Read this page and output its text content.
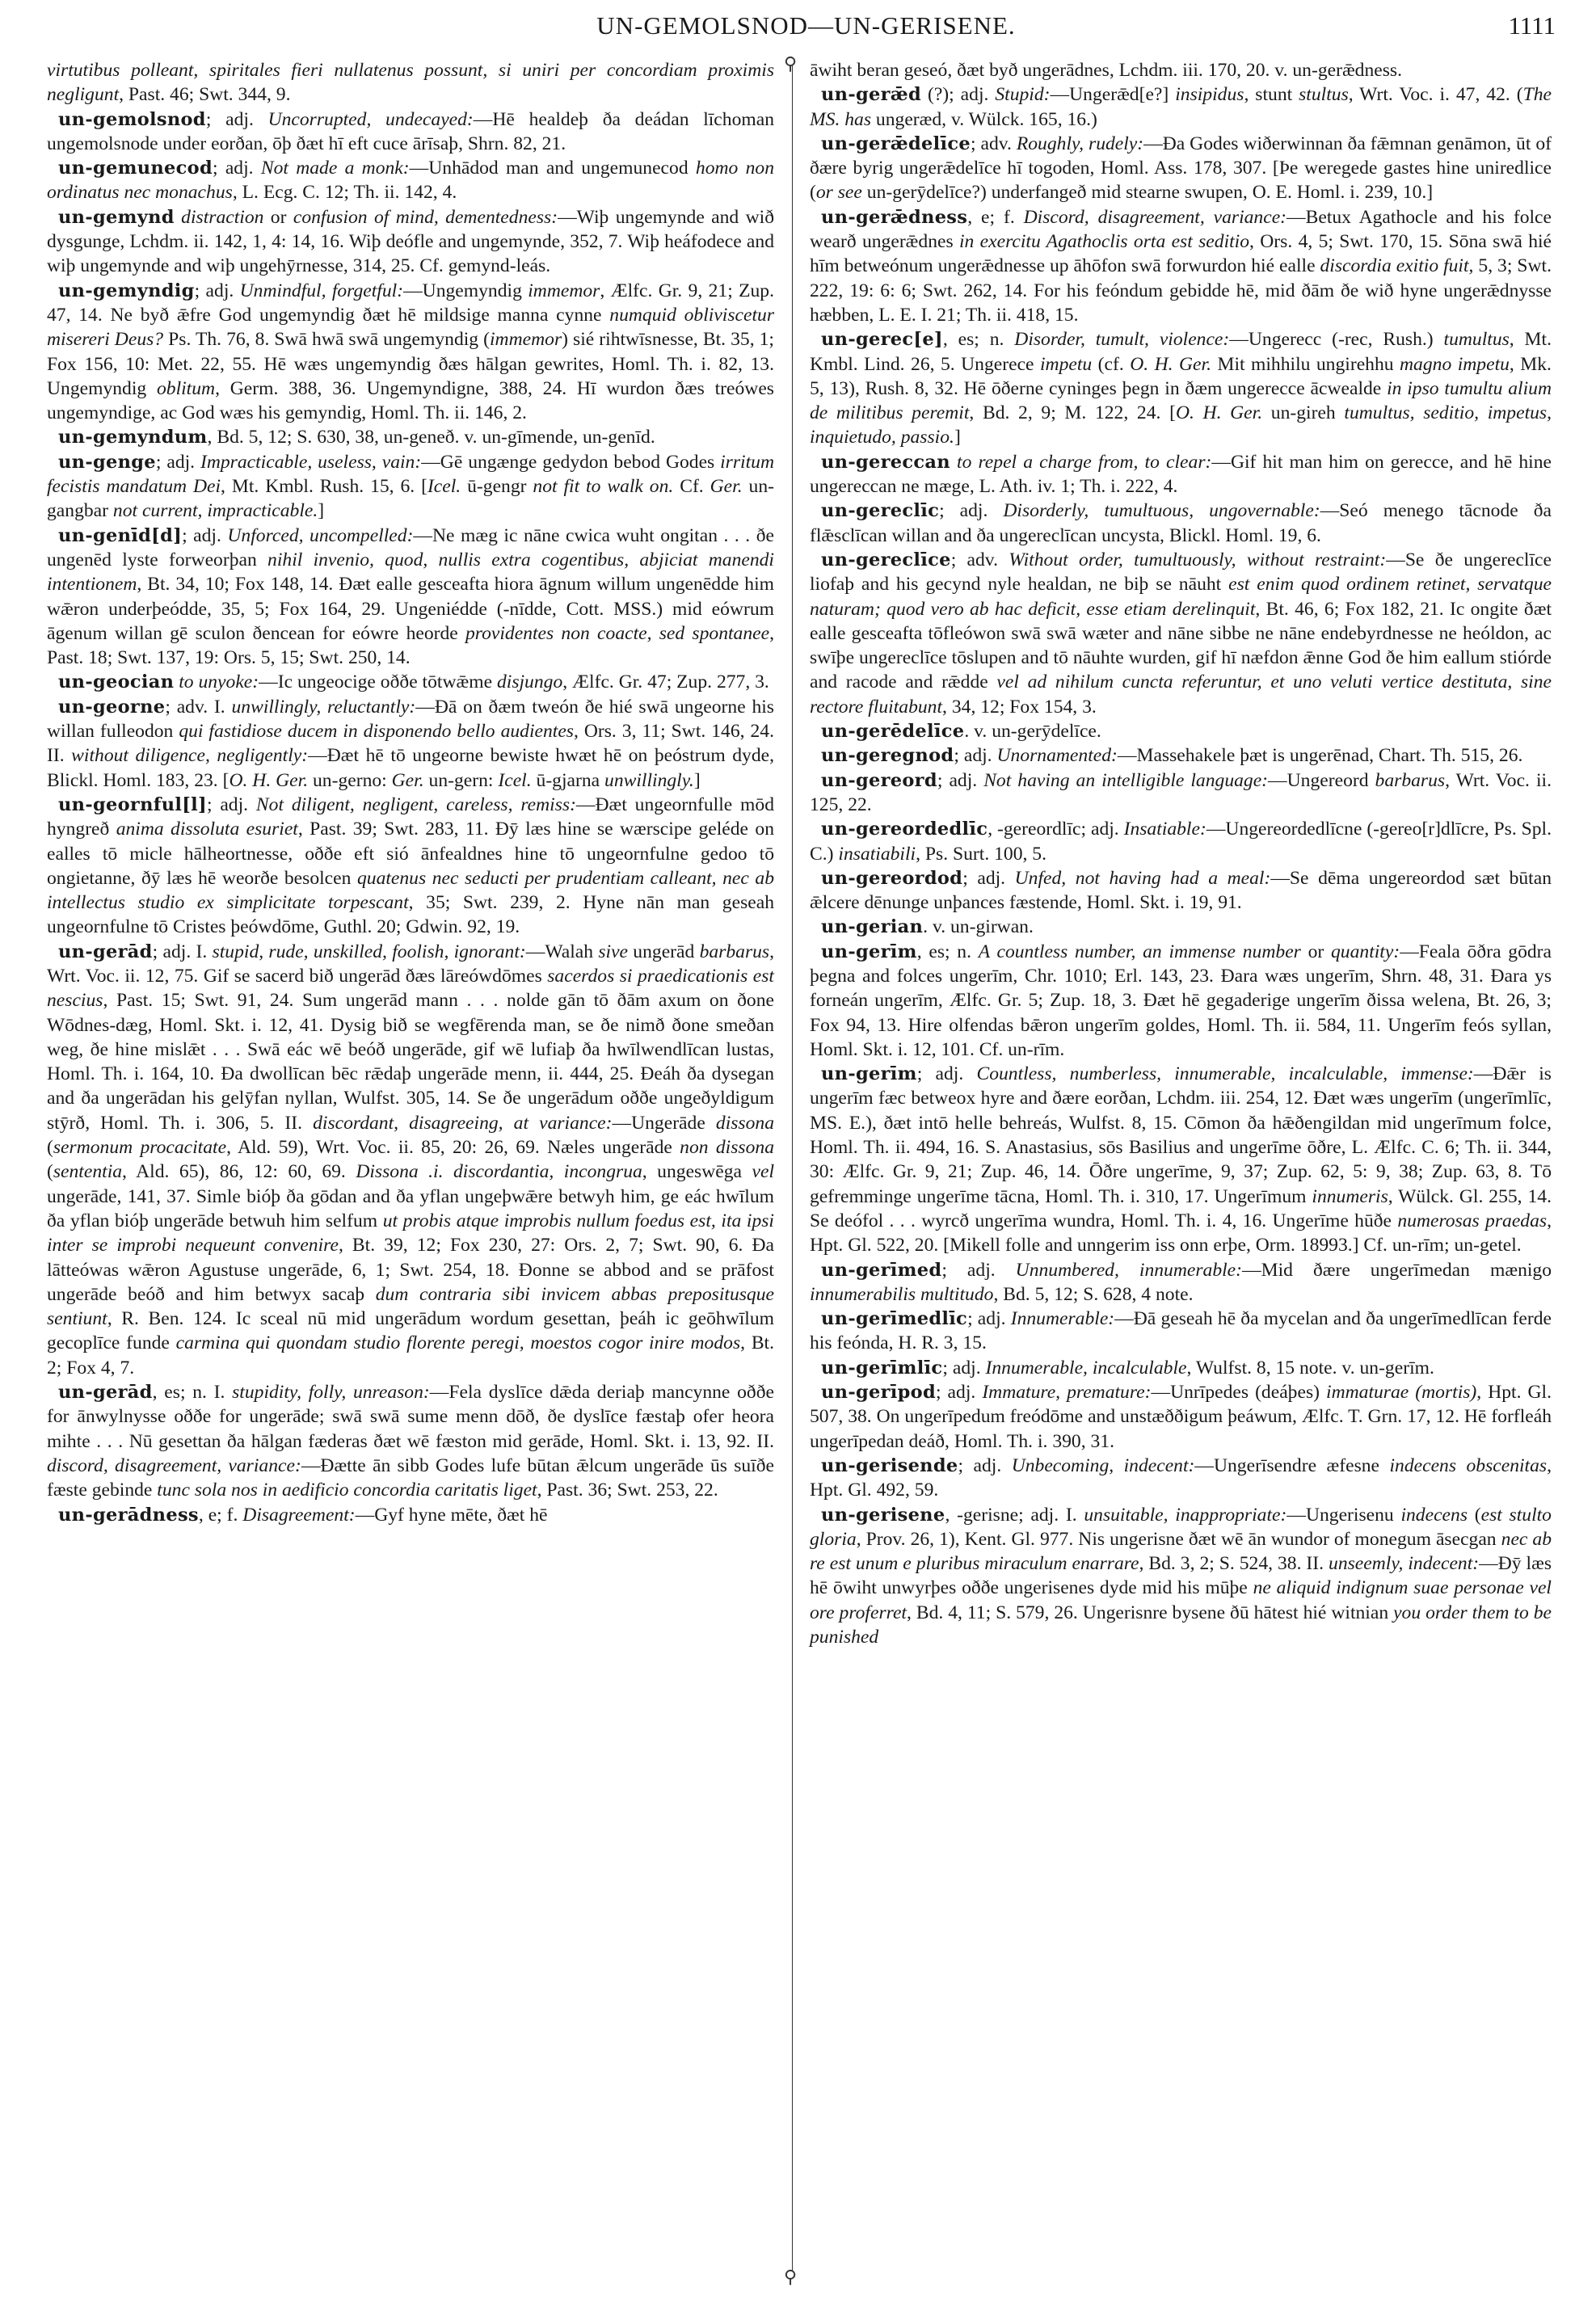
UN-GEMOLSNOD—UN-GERISENE.	1111
⚲
⚲

virtutibus polleant, spiritales fieri nullatenus possunt, si uniri per concordiam proximis negligunt, Past. 46; Swt. 344, 9.

un-gemolsnod; adj. Uncorrupted, undecayed:—Hē healdeþ ða deádan līchoman ungemolsnode under eorðan, ōþ ðæt hī eft cuce ārīsaþ, Shrn. 82, 21.

un-gemunecod; adj. Not made a monk:—Unhādod man and ungemunecod homo non ordinatus nec monachus, L. Ecg. C. 12; Th. ii. 142, 4.

un-gemynd distraction or confusion of mind, dementedness:—Wiþ ungemynde and wið dysgunge, Lchdm. ii. 142, 1, 4: 14, 16. Wiþ deófle and ungemynde, 352, 7. Wiþ heáfodece and wiþ ungemynde and wiþ ungehȳrnesse, 314, 25. Cf. gemynd-leás.

un-gemyndig; adj. Unmindful, forgetful:—Ungemyndig immemor, Ælfc. Gr. 9, 21; Zup. 47, 14. Ne byð ǣfre God ungemyndig ðæt hē mildsige manna cynne numquid obliviscetur misereri Deus? Ps. Th. 76, 8. Swā hwā swā ungemyndig (immemor) sié rihtwīsnesse, Bt. 35, 1; Fox 156, 10: Met. 22, 55. Hē wæs ungemyndig ðæs hālgan gewrites, Homl. Th. i. 82, 13. Ungemyndig oblitum, Germ. 388, 36. Ungemyndigne, 388, 24. Hī wurdon ðæs treówes ungemyndige, ac God wæs his gemyndig, Homl. Th. ii. 146, 2.

un-gemyndum, Bd. 5, 12; S. 630, 38, un-geneð. v. un-gīmende, un-genīd.

un-genge; adj. Impracticable, useless, vain:—Gē ungænge gedydon bebod Godes irritum fecistis mandatum Dei, Mt. Kmbl. Rush. 15, 6. [Icel. ū-gengr not fit to walk on. Cf. Ger. un-gangbar not current, impracticable.]

un-genīd[d]; adj. Unforced, uncompelled:—Ne mæg ic nāne cwica wuht ongitan . . . ðe ungenēd lyste forweorþan nihil invenio, quod, nullis extra cogentibus, abjiciat manendi intentionem, Bt. 34, 10; Fox 148, 14. Ðæt ealle gesceafta hiora āgnum willum ungenēdde him wǣron underþeódde, 35, 5; Fox 164, 29. Ungeniédde (-nīdde, Cott. MSS.) mid eówrum āgenum willan gē sculon ðencean for eówre heorde providentes non coacte, sed spontanee, Past. 18; Swt. 137, 19: Ors. 5, 15; Swt. 250, 14.

un-geocian to unyoke:—Ic ungeocige oððe tōtwǣme disjungo, Ælfc. Gr. 47; Zup. 277, 3.

un-georne; adv. I. unwillingly, reluctantly:—Ðā on ðæm tweón ðe hié swā ungeorne his willan fulleodon qui fastidiose ducem in disponendo bello audientes, Ors. 3, 11; Swt. 146, 24. II. without diligence, negligently:—Ðæt hē tō ungeorne bewiste hwæt hē on þeóstrum dyde, Blickl. Homl. 183, 23. [O. H. Ger. un-gerno: Ger. un-gern: Icel. ū-gjarna unwillingly.]

un-geornful[l]; adj. Not diligent, negligent, careless, remiss:—Ðæt ungeornfulle mōd hyngreð anima dissoluta esuriet, Past. 39; Swt. 283, 11. Ðȳ læs hine se wærscipe geléde on ealles tō micle hālheortnesse, oððe eft sió ānfealdnes hine tō ungeornfulne gedoo tō ongietanne, ðȳ læs hē weorðe besolcen quatenus nec seducti per prudentiam calleant, nec ab intellectus studio ex simplicitate torpescant, 35; Swt. 239, 2. Hyne nān man geseah ungeornfulne tō Cristes þeówdōme, Guthl. 20; Gdwin. 92, 19.

un-gerād; adj. I. stupid, rude, unskilled, foolish, ignorant:—Walah sive ungerād barbarus, Wrt. Voc. ii. 12, 75. Gif se sacerd bið ungerād ðæs lāreówdōmes sacerdos si praedicationis est nescius, Past. 15; Swt. 91, 24. Sum ungerād mann . . . nolde gān tō ðām axum on ðone Wōdnes-dæg, Homl. Skt. i. 12, 41. Dysig bið se wegfērenda man, se ðe nimð ðone smeðan weg, ðe hine mislǣt . . . Swā eác wē beóð ungerāde, gif wē lufiaþ ða hwīlwendlīcan lustas, Homl. Th. i. 164, 10. Ða dwollīcan bēc rǣdaþ ungerāde menn, ii. 444, 25. Ðeáh ða dysegan and ða ungerādan his gelȳfan nyllan, Wulfst. 305, 14. Se ðe ungerādum oððe ungeðyldigum stȳrð, Homl. Th. i. 306, 5. II. discordant, disagreeing, at variance:—Ungerāde dissona (sermonum procacitate, Ald. 59), Wrt. Voc. ii. 85, 20: 26, 69. Næles ungerāde non dissona (sententia, Ald. 65), 86, 12: 60, 69. Dissona .i. discordantia, incongrua, ungeswēga vel ungerāde, 141, 37. Simle bióþ ða gōdan and ða yflan ungeþwǣre betwyh him, ge eác hwīlum ða yflan bióþ ungerāde betwuh him selfum ut probis atque improbis nullum foedus est, ita ipsi inter se improbi nequeunt convenire, Bt. 39, 12; Fox 230, 27: Ors. 2, 7; Swt. 90, 6. Ða lātteówas wǣron Agustuse ungerāde, 6, 1; Swt. 254, 18. Ðonne se abbod and se prāfost ungerāde beóð and him betwyx sacaþ dum contraria sibi invicem abbas prepositusque sentiunt, R. Ben. 124. Ic sceal nū mid ungerādum wordum gesettan, þeáh ic geōhwīlum gecoplīce funde carmina qui quondam studio florente peregi, moestos cogor inire modos, Bt. 2; Fox 4, 7.

un-gerād, es; n. I. stupidity, folly, unreason:—Fela dyslīce dǣda deriaþ mancynne oððe for ānwylnysse oððe for ungerāde; swā swā sume menn dōð, ðe dyslīce fæstaþ ofer heora mihte . . . Nū gesettan ða hālgan fæderas ðæt wē fæston mid gerāde, Homl. Skt. i. 13, 92. II. discord, disagreement, variance:—Ðætte ān sibb Godes lufe būtan ǣlcum ungerāde ūs suīðe fæste gebinde tunc sola nos in aedificio concordia caritatis liget, Past. 36; Swt. 253, 22.

un-gerādness, e; f. Disagreement:—Gyf hyne mēte, ðæt hē

āwiht beran geseó, ðæt byð ungerādnes, Lchdm. iii. 170, 20. v. un-gerǣdness.

un-gerǣd (?); adj. Stupid:—Ungerǣd[e?] insipidus, stunt stultus, Wrt. Voc. i. 47, 42. (The MS. has ungeræd, v. Wülck. 165, 16.)

un-gerǣdelīce; adv. Roughly, rudely:—Ða Godes wiðerwinnan ða fǣmnan genāmon, ūt of ðære byrig ungerǣdelīce hī togoden, Homl. Ass. 178, 307. [Þe weregede gastes hine uniredlice (or see un-gerȳdelīce?) underfangeð mid stearne swupen, O. E. Homl. i. 239, 10.]

un-gerǣdness, e; f. Discord, disagreement, variance:—Betux Agathocle and his folce wearð ungerǣdnes in exercitu Agathoclis orta est seditio, Ors. 4, 5; Swt. 170, 15. Sōna swā hié hīm betweónum ungerǣdnesse up āhōfon swā forwurdon hié ealle discordia exitio fuit, 5, 3; Swt. 222, 19: 6: 6; Swt. 262, 14. For his feóndum gebidde hē, mid ðām ðe wið hyne ungerǣdnysse hæbben, L. E. I. 21; Th. ii. 418, 15.

un-gerec[e], es; n. Disorder, tumult, violence:—Ungerecc (-rec, Rush.) tumultus, Mt. Kmbl. Lind. 26, 5. Ungerece impetu (cf. O. H. Ger. Mit mihhilu ungirehhu magno impetu, Mk. 5, 13), Rush. 8, 32. Hē ōðerne cyninges þegn in ðæm ungerecce ācwealde in ipso tumultu alium de militibus peremit, Bd. 2, 9; M. 122, 24. [O. H. Ger. un-gireh tumultus, seditio, impetus, inquietudo, passio.]

un-gereccan to repel a charge from, to clear:—Gif hit man him on gerecce, and hē hine ungereccan ne mæge, L. Ath. iv. 1; Th. i. 222, 4.

un-gereclīc; adj. Disorderly, tumultuous, ungovernable:—Seó menego tācnode ða flǣsclīcan willan and ða ungereclīcan uncysta, Blickl. Homl. 19, 6.

un-gereclīce; adv. Without order, tumultuously, without restraint:—Se ðe ungereclīce liofaþ and his gecynd nyle healdan, ne biþ se nāuht est enim quod ordinem retinet, servatque naturam; quod vero ab hac deficit, esse etiam derelinquit, Bt. 46, 6; Fox 182, 21. Ic ongite ðæt ealle gesceafta tōfleówon swā swā wæter and nāne sibbe ne nāne endebyrdnesse ne heóldon, ac swīþe ungereclīce tōslupen and tō nāuhte wurden, gif hī næfdon ǣnne God ðe him eallum stiórde and racode and rǣdde vel ad nihilum cuncta referuntur, et uno veluti vertice destituta, sine rectore fluitabunt, 34, 12; Fox 154, 3.

un-gerēdelīce. v. un-gerȳdelīce.

un-geregnod; adj. Unornamented:—Massehakele þæt is ungerēnad, Chart. Th. 515, 26.

un-gereord; adj. Not having an intelligible language:—Ungereord barbarus, Wrt. Voc. ii. 125, 22.

un-gereordedlīc, -gereordlīc; adj. Insatiable:—Ungereordedlīcne (-gereo[r]dlīcre, Ps. Spl. C.) insatiabili, Ps. Surt. 100, 5.

un-gereordod; adj. Unfed, not having had a meal:—Se dēma ungereordod sæt būtan ǣlcere dēnunge unþances fæstende, Homl. Skt. i. 19, 91.

un-gerian. v. un-girwan.

un-gerīm, es; n. A countless number, an immense number or quantity:—Feala ōðra gōdra þegna and folces ungerīm, Chr. 1010; Erl. 143, 23. Ðara wæs ungerīm, Shrn. 48, 31. Ðara ys forneán ungerīm, Ælfc. Gr. 5; Zup. 18, 3. Ðæt hē gegaderige ungerīm ðissa welena, Bt. 26, 3; Fox 94, 13. Hire olfendas bǣron ungerīm goldes, Homl. Th. ii. 584, 11. Ungerīm feós syllan, Homl. Skt. i. 12, 101. Cf. un-rīm.

un-gerīm; adj. Countless, numberless, innumerable, incalculable, immense:—Ðǣr is ungerīm fæc betweox hyre and ðære eorðan, Lchdm. iii. 254, 12. Ðæt wæs ungerīm (ungerīmlīc, MS. E.), ðæt intō helle behreás, Wulfst. 8, 15. Cōmon ða hǣðengildan mid ungerīmum folce, Homl. Th. ii. 494, 16. S. Anastasius, sōs Basilius and ungerīme ōðre, L. Ælfc. C. 6; Th. ii. 344, 30: Ælfc. Gr. 9, 21; Zup. 46, 14. Ōðre ungerīme, 9, 37; Zup. 62, 5: 9, 38; Zup. 63, 8. Tō gefremminge ungerīme tācna, Homl. Th. i. 310, 17. Ungerīmum innumeris, Wülck. Gl. 255, 14. Se deófol . . . wyrcð ungerīma wundra, Homl. Th. i. 4, 16. Ungerīme hūðe numerosas praedas, Hpt. Gl. 522, 20. [Mikell folle and unngerim iss onn erþe, Orm. 18993.] Cf. un-rīm; un-getel.

un-gerīmed; adj. Unnumbered, innumerable:—Mid ðære ungerīmedan mænigo innumerabilis multitudo, Bd. 5, 12; S. 628, 4 note.

un-gerīmedlīc; adj. Innumerable:—Ðā geseah hē ða mycelan and ða ungerīmedlīcan ferde his feónda, H. R. 3, 15.

un-gerīmlīc; adj. Innumerable, incalculable, Wulfst. 8, 15 note. v. un-gerīm.

un-gerīpod; adj. Immature, premature:—Unrīpedes (deáþes) immaturae (mortis), Hpt. Gl. 507, 38. On ungerīpedum freódōme and unstæððigum þeáwum, Ælfc. T. Grn. 17, 12. Hē forfleáh ungerīpedan deáð, Homl. Th. i. 390, 31.

un-gerisende; adj. Unbecoming, indecent:—Ungerīsendre æfesne indecens obscenitas, Hpt. Gl. 492, 59.

un-gerisene, -gerisne; adj. I. unsuitable, inappropriate:—Ungerisenu indecens (est stulto gloria, Prov. 26, 1), Kent. Gl. 977. Nis ungerisne ðæt wē ān wundor of monegum āsecgan nec ab re est unum e pluribus miraculum enarrare, Bd. 3, 2; S. 524, 38. II. unseemly, indecent:—Ðȳ læs hē ōwiht unwyrþes oððe ungerisenes dyde mid his mūþe ne aliquid indignum suae personae vel ore proferret, Bd. 4, 11; S. 579, 26. Ungerisnre bysene ðū hātest hié witnian you order them to be punished
